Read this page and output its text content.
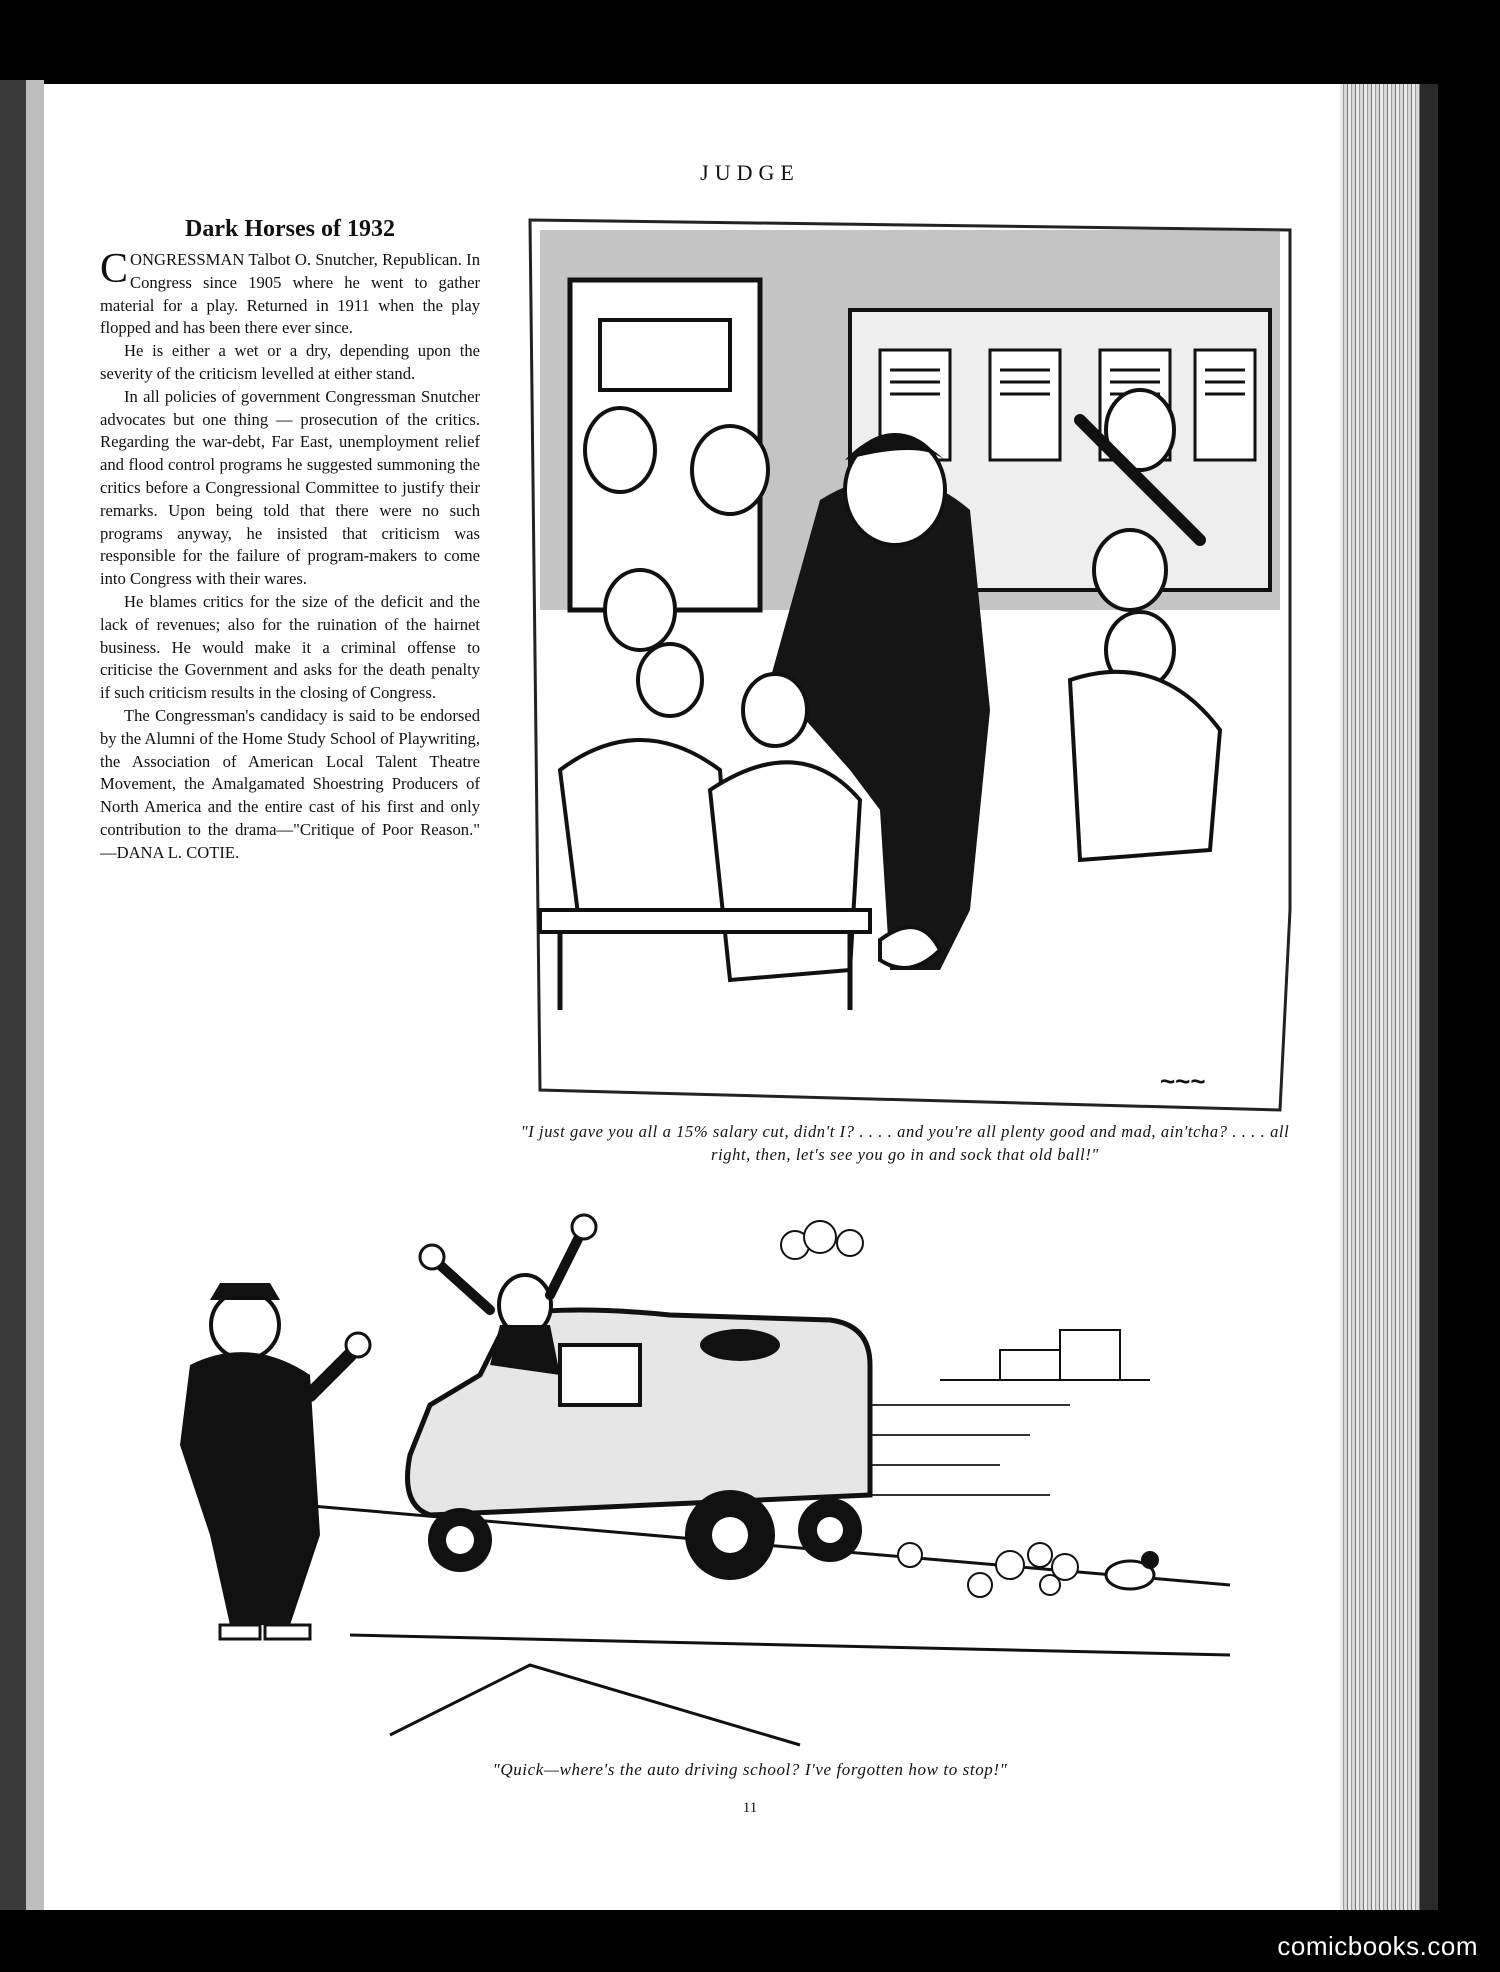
JUDGE
Dark Horses of 1932

CONGRESSMAN Talbot O. Snutcher, Republican. In Congress since 1905 where he went to gather material for a play. Returned in 1911 when the play flopped and has been there ever since.

He is either a wet or a dry, depending upon the severity of the criticism levelled at either stand.

In all policies of government Congressman Snutcher advocates but one thing — prosecution of the critics. Regarding the war-debt, Far East, unemployment relief and flood control programs he suggested summoning the critics before a Congressional Committee to justify their remarks. Upon being told that there were no such programs anyway, he insisted that criticism was responsible for the failure of program-makers to come into Congress with their wares.

He blames critics for the size of the deficit and the lack of revenues; also for the ruination of the hairnet business. He would make it a criminal offense to criticise the Government and asks for the death penalty if such criticism results in the closing of Congress.

The Congressman's candidacy is said to be endorsed by the Alumni of the Home Study School of Playwriting, the Association of American Local Talent Theatre Movement, the Amalgamated Shoestring Producers of North America and the entire cast of his first and only contribution to the drama—"Critique of Poor Reason." —DANA L. COTIE.

~~~
"I just gave you all a 15% salary cut, didn't I? . . . . and you're all plenty good and mad, ain'tcha? . . . . all right, then, let's see you go in and sock that old ball!"
"Quick—where's the auto driving school? I've forgotten how to stop!"
11
comicbooks.com
